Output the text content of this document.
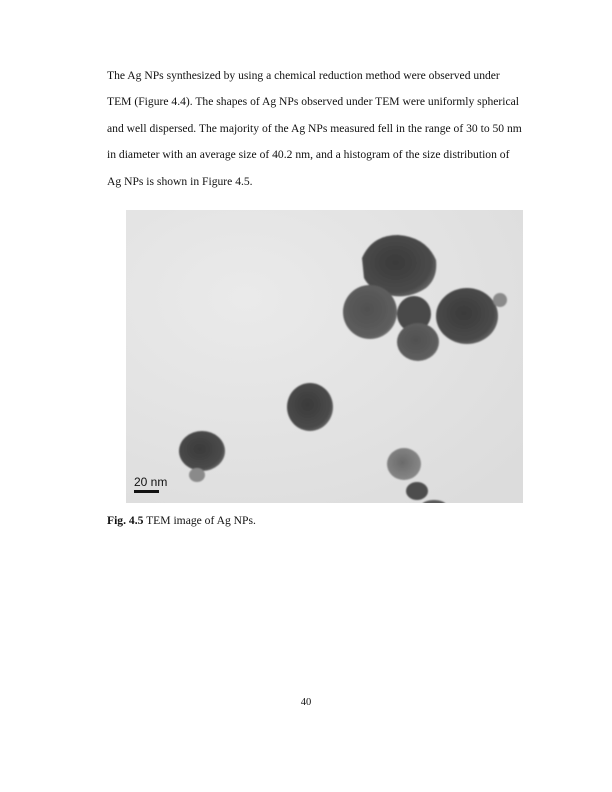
The Ag NPs synthesized by using a chemical reduction method were observed under
TEM (Figure 4.4). The shapes of Ag NPs observed under TEM were uniformly spherical
and well dispersed. The majority of the Ag NPs measured fell in the range of 30 to 50 nm
in diameter with an average size of 40.2 nm, and a histogram of the size distribution of
Ag NPs is shown in Figure 4.5.

20 nm

Fig. 4.5 TEM image of Ag NPs.

40
